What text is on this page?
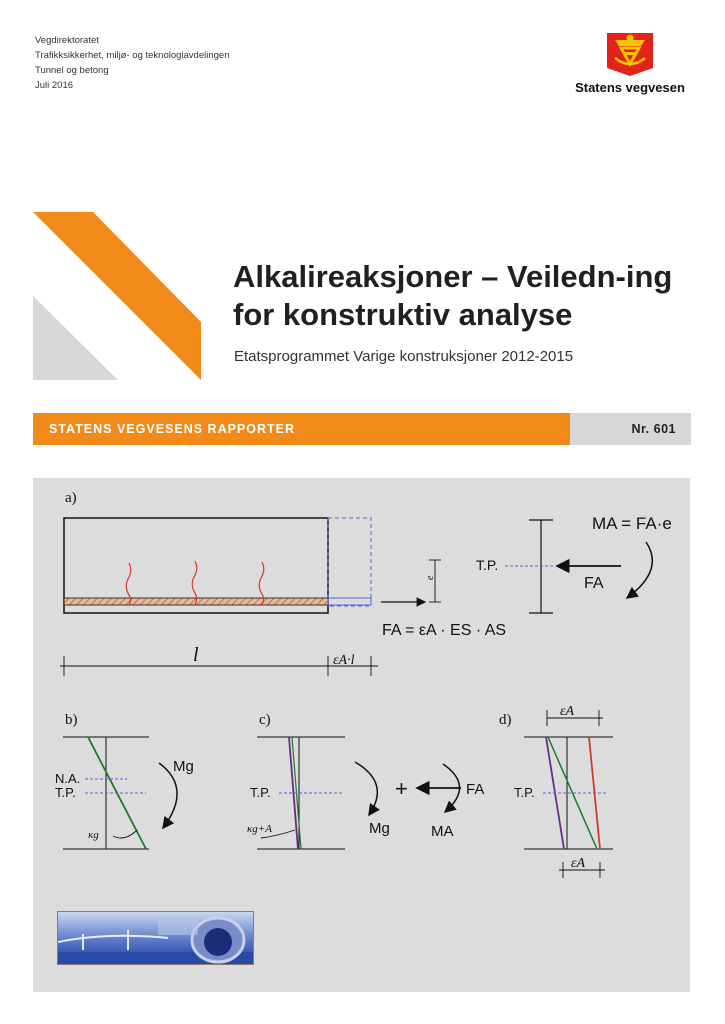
Vegdirektoratet
Trafikksikkerhet, miljø- og teknologiavdelingen
Tunnel og betong
Juli 2016	Statens vegvesen
Alkalireaksjoner – Veiledn-ing for konstruktiv analyse
Etatsprogrammet Varige konstruksjoner 2012-2015
STATENS VEGVESENS RAPPORTER	Nr. 601
a)
e
FA = εA · ES · AS
T.P.
FA
MA = FA·e
l	εA·l
b)
N.A.
T.P.
κg
Mg
c)
T.P.
κg+A	Mg
+	FA
MA
d)
T.P.
εA
εA
